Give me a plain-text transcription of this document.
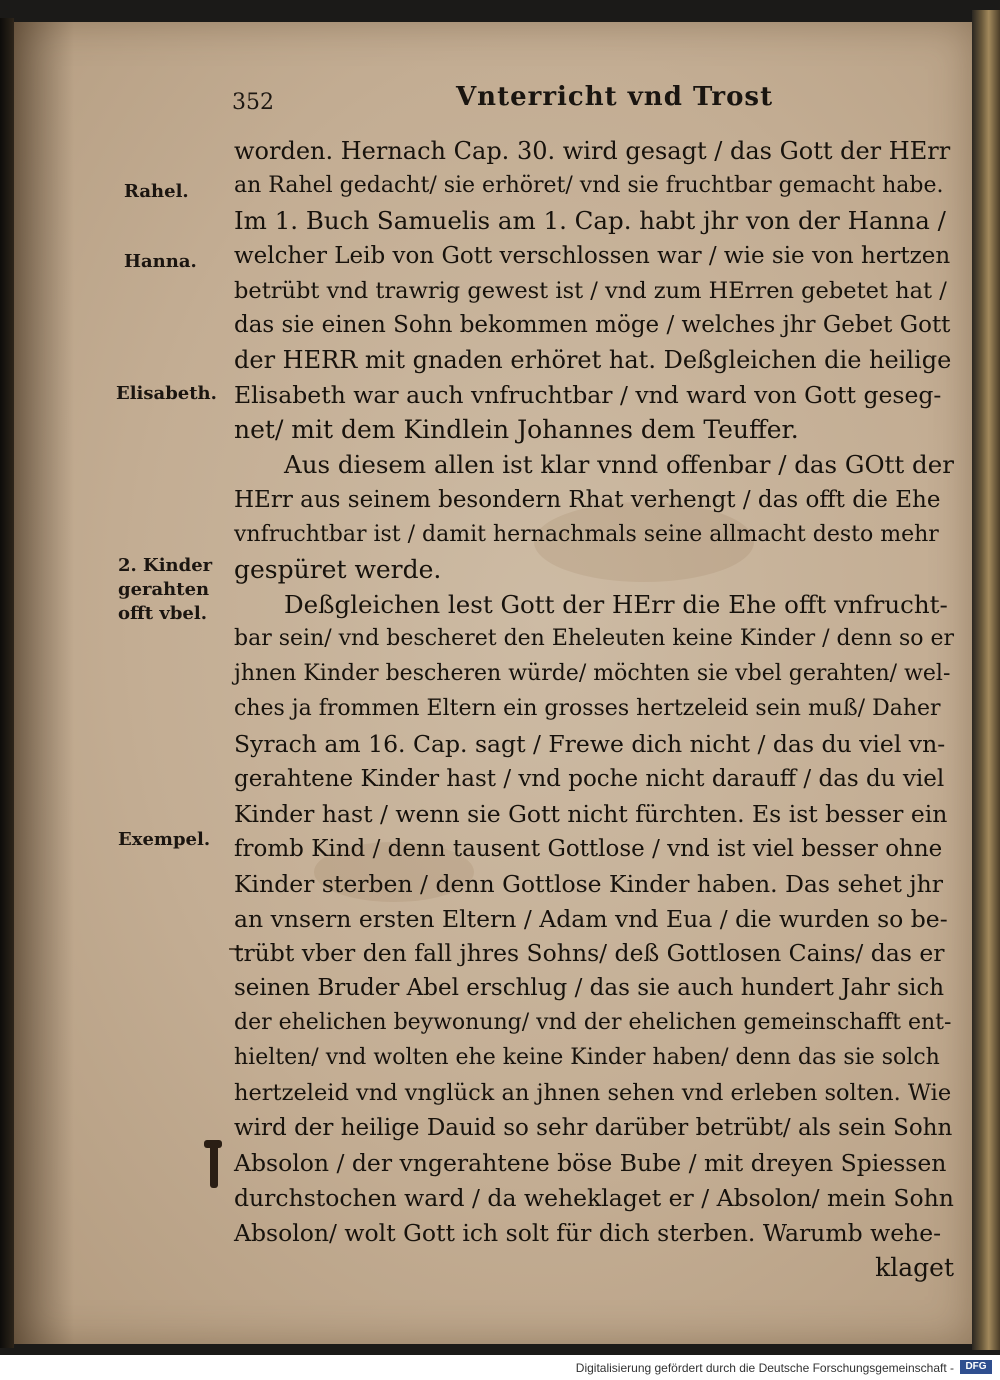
352	Vnterricht vnd Trost
Rahel.
Hanna.
Elisabeth.
2. Kinder
gerahten
offt vbel.
Exempel.
worden. Hernach Cap. 30. wird gesagt / das Gott der HErr
an Rahel gedacht/ sie erhöret/ vnd sie fruchtbar gemacht habe.
Im 1. Buch Samuelis am 1. Cap. habt jhr von der Hanna /
welcher Leib von Gott verschlossen war / wie sie von hertzen
betrübt vnd trawrig gewest ist / vnd zum HErren gebetet hat /
das sie einen Sohn bekommen möge / welches jhr Gebet Gott
der HERR mit gnaden erhöret hat. Deßgleichen die heilige
Elisabeth war auch vnfruchtbar / vnd ward von Gott geseg-
net/ mit dem Kindlein Johannes dem Teuffer.
Aus diesem allen ist klar vnnd offenbar / das GOtt der
HErr aus seinem besondern Rhat verhengt / das offt die Ehe
vnfruchtbar ist / damit hernachmals seine allmacht desto mehr
gespüret werde.
Deßgleichen lest Gott der HErr die Ehe offt vnfrucht-
bar sein/ vnd bescheret den Eheleuten keine Kinder / denn so er
jhnen Kinder bescheren würde/ möchten sie vbel gerahten/ wel-
ches ja frommen Eltern ein grosses hertzeleid sein muß/ Daher
Syrach am 16. Cap. sagt / Frewe dich nicht / das du viel vn-
gerahtene Kinder hast / vnd poche nicht darauff / das du viel
Kinder hast / wenn sie Gott nicht fürchten. Es ist besser ein
fromb Kind / denn tausent Gottlose / vnd ist viel besser ohne
Kinder sterben / denn Gottlose Kinder haben. Das sehet jhr
an vnsern ersten Eltern / Adam vnd Eua / die wurden so be-
trübt vber den fall jhres Sohns/ deß Gottlosen Cains/ das er
seinen Bruder Abel erschlug / das sie auch hundert Jahr sich
der ehelichen beywonung/ vnd der ehelichen gemeinschafft ent-
hielten/ vnd wolten ehe keine Kinder haben/ denn das sie solch
hertzeleid vnd vnglück an jhnen sehen vnd erleben solten. Wie
wird der heilige Dauid so sehr darüber betrübt/ als sein Sohn
Absolon / der vngerahtene böse Bube / mit dreyen Spiessen
durchstochen ward / da weheklaget er / Absolon/ mein Sohn
Absolon/ wolt Gott ich solt für dich sterben. Warumb wehe-
klaget
Digitalisierung gefördert durch die Deutsche Forschungsgemeinschaft -	DFG
